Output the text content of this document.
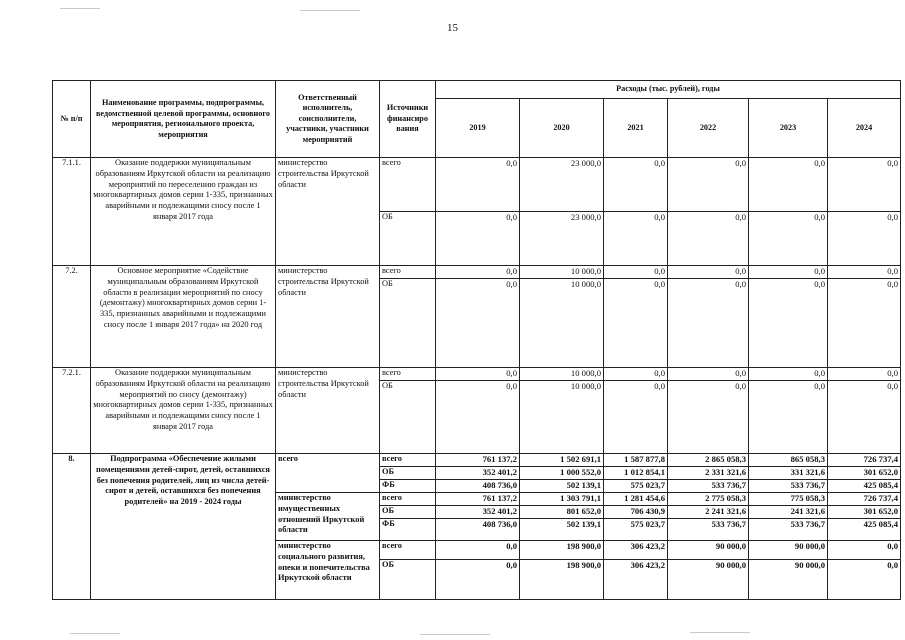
15
№ п/п	Наименование программы, подпрограммы, ведомственной целевой программы, основного мероприятия, регионального проекта, мероприятия	Ответственный исполнитель, соисполнители, участники, участники мероприятий	Источники финансиро вания	Расходы (тыс. рублей), годы					
				2019	2020	2021	2022	2023	2024
7.1.1.	Оказание поддержки муниципальным образованиям Иркутской области на реализацию мероприятий по переселению граждан из многоквартирных домов серии 1-335, признанных аварийными и подлежащими сносу после 1 января 2017 года	министерство строительства Иркутской области	всего	0,0	23 000,0	0,0	0,0	0,0	0,0
			ОБ	0,0	23 000,0	0,0	0,0	0,0	0,0
7.2.	Основное мероприятие «Содействие муниципальным образованиям Иркутской области в реализации мероприятий по сносу (демонтажу) многоквартирных домов серии 1-335, признанных аварийными и подлежащими сносу после 1 января 2017 года» на 2020 год	министерство строительства Иркутской области	всего	0,0	10 000,0	0,0	0,0	0,0	0,0
			ОБ	0,0	10 000,0	0,0	0,0	0,0	0,0
7.2.1.	Оказание поддержки муниципальным образованиям Иркутской области на реализацию мероприятий по сносу (демонтажу) многоквартирных домов серии 1-335, признанных аварийными и подлежащими сносу после 1 января 2017 года	министерство строительства Иркутской области	всего	0,0	10 000,0	0,0	0,0	0,0	0,0
			ОБ	0,0	10 000,0	0,0	0,0	0,0	0,0
8.	Подпрограмма «Обеспечение жилыми помещениями детей-сирот, детей, оставшихся без попечения родителей, лиц из числа детей-сирот и детей, оставшихся без попечения родителей» на 2019 - 2024 годы	всего	всего	761 137,2	1 502 691,1	1 587 877,8	2 865 058,3	865 058,3	726 737,4
			ОБ	352 401,2	1 000 552,0	1 012 854,1	2 331 321,6	331 321,6	301 652,0
			ФБ	408 736,0	502 139,1	575 023,7	533 736,7	533 736,7	425 085,4
		министерство имущественных отношений Иркутской области	всего	761 137,2	1 303 791,1	1 281 454,6	2 775 058,3	775 058,3	726 737,4
			ОБ	352 401,2	801 652,0	706 430,9	2 241 321,6	241 321,6	301 652,0
			ФБ	408 736,0	502 139,1	575 023,7	533 736,7	533 736,7	425 085,4
		министерство социального развития, опеки и попечительства Иркутской области	всего	0,0	198 900,0	306 423,2	90 000,0	90 000,0	0,0
			ОБ	0,0	198 900,0	306 423,2	90 000,0	90 000,0	0,0
